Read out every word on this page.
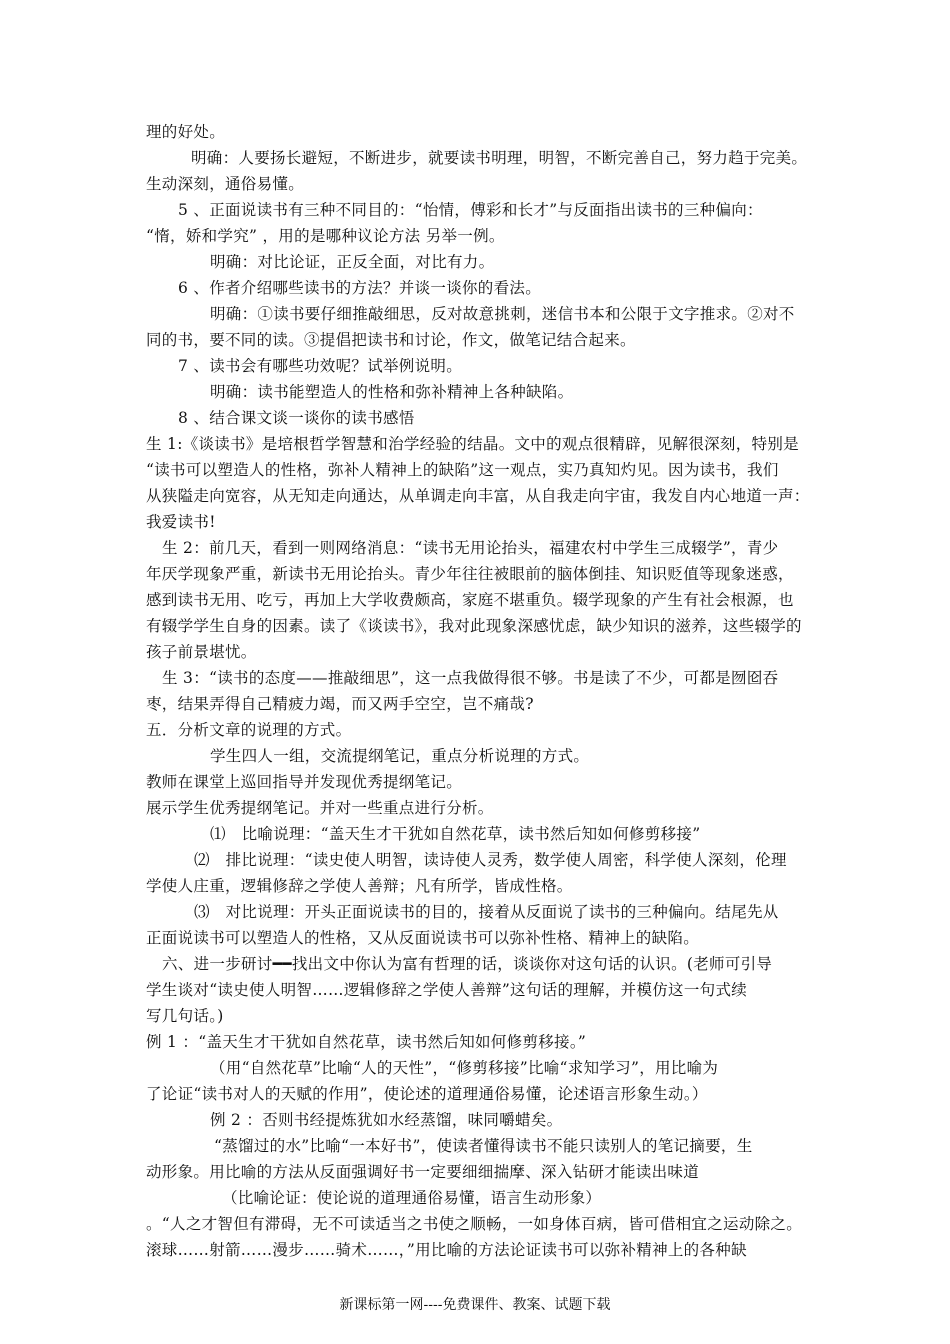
理的好处。
明确：人要扬长避短，不断进步，就要读书明理，明智，不断完善自己，努力趋于完美。
生动深刻，通俗易懂。
5 、正面说读书有三种不同目的：“怡情，傅彩和长才”与反面指出读书的三种偏向：
“惰，娇和学究” ，用的是哪种议论方法 另举一例。
明确：对比论证，正反全面，对比有力。
6 、作者介绍哪些读书的方法？并谈一谈你的看法。
明确：①读书要仔细推敲细思，反对故意挑刺，迷信书本和公限于文字推求。②对不
同的书，要不同的读。③提倡把读书和讨论，作文，做笔记结合起来。
7 、读书会有哪些功效呢？试举例说明。
明确：读书能塑造人的性格和弥补精神上各种缺陷。
8 、结合课文谈一谈你的读书感悟
生 1:《谈读书》是培根哲学智慧和治学经验的结晶。文中的观点很精辟，见解很深刻，特别是
“读书可以塑造人的性格，弥补人精神上的缺陷”这一观点，实乃真知灼见。因为读书，我们
从狭隘走向宽容，从无知走向通达，从单调走向丰富，从自我走向宇宙，我发自内心地道一声：
我爱读书!
生 2：前几天，看到一则网络消息：“读书无用论抬头，福建农村中学生三成辍学”，青少
年厌学现象严重，新读书无用论抬头。青少年往往被眼前的脑体倒挂、知识贬值等现象迷惑，
感到读书无用、吃亏，再加上大学收费颇高，家庭不堪重负。辍学现象的产生有社会根源，也
有辍学学生自身的因素。读了《谈读书》，我对此现象深感忧虑，缺少知识的滋养，这些辍学的
孩子前景堪忧。
生 3：“读书的态度——推敲细思”，这一点我做得很不够。书是读了不少，可都是囫囵吞
枣，结果弄得自己精疲力竭，而又两手空空，岂不痛哉?
五．分析文章的说理的方式。
学生四人一组，交流提纲笔记，重点分析说理的方式。
教师在课堂上巡回指导并发现优秀提纲笔记。
展示学生优秀提纲笔记。并对一些重点进行分析。
⑴　比喻说理：“盖天生才干犹如自然花草，读书然后知如何修剪移接”
⑵　排比说理：“读史使人明智，读诗使人灵秀，数学使人周密，科学使人深刻，伦理
学使人庄重，逻辑修辞之学使人善辩；凡有所学，皆成性格。
⑶　对比说理：开头正面说读书的目的，接着从反面说了读书的三种偏向。结尾先从
正面说读书可以塑造人的性格，又从反面说读书可以弥补性格、精神上的缺陷。
六、进一步研讨━━找出文中你认为富有哲理的话，谈谈你对这句话的认识。(老师可引导
学生谈对“读史使人明智……逻辑修辞之学使人善辩”这句话的理解，并模仿这一句式续
写几句话。)
例 1 ：“盖天生才干犹如自然花草，读书然后知如何修剪移接。”
（用“自然花草”比喻“人的天性”，“修剪移接”比喻“求知学习”，用比喻为
了论证“读书对人的天赋的作用”，使论述的道理通俗易懂，论述语言形象生动。）
例 2 ：否则书经提炼犹如水经蒸馏，味同嚼蜡矣。
“蒸馏过的水”比喻“一本好书”，使读者懂得读书不能只读别人的笔记摘要，生
动形象。用比喻的方法从反面强调好书一定要细细揣摩、深入钻研才能读出味道
（比喻论证：使论说的道理通俗易懂，语言生动形象）
。“人之才智但有滞碍，无不可读适当之书使之顺畅，一如身体百病，皆可借相宜之运动除之。
滚球……射箭……漫步……骑术……，”用比喻的方法论证读书可以弥补精神上的各种缺
新课标第一网----免费课件、教案、试题下载
